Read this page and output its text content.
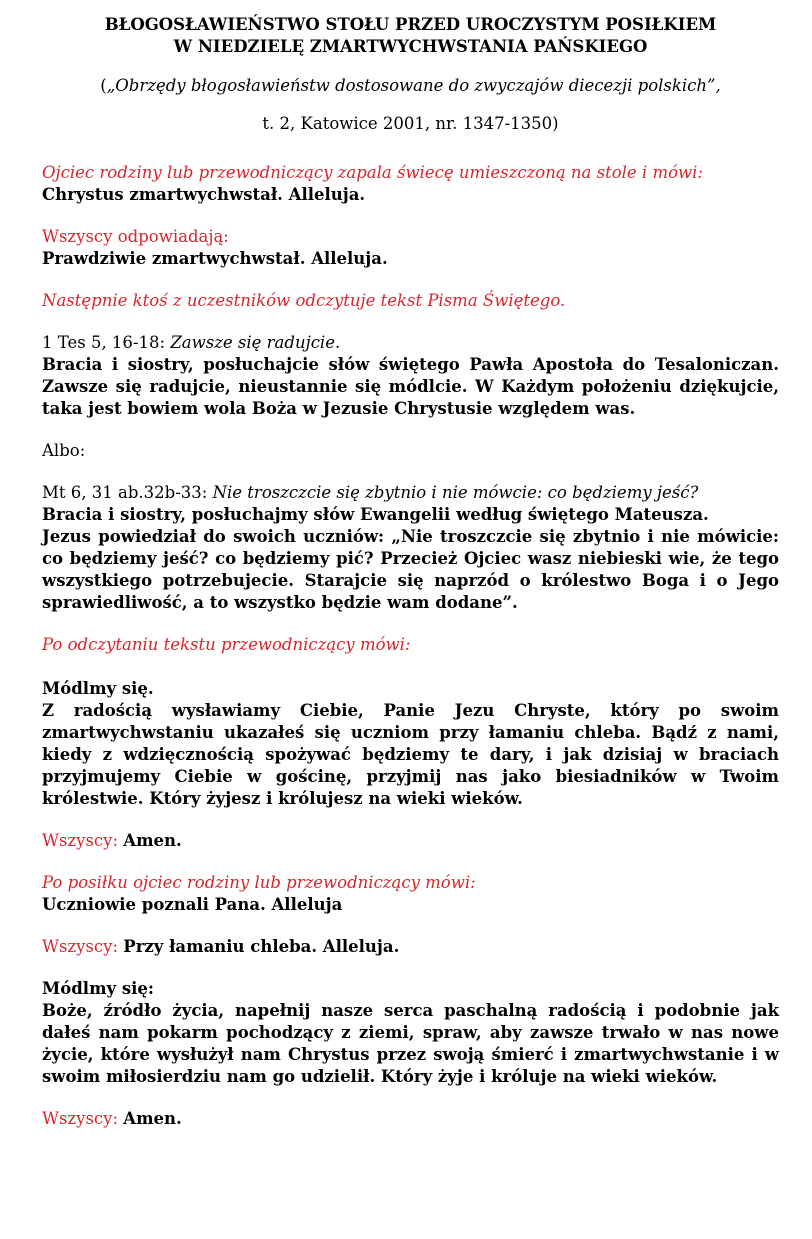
BŁOGOSŁAWIEŃSTWO STOŁU PRZED UROCZYSTYM POSIŁKIEM

W NIEDZIELĘ ZMARTWYCHWSTANIA PAŃSKIEGO

(„Obrzędy błogosławieństw dostosowane do zwyczajów diecezji polskich”,

t. 2, Katowice 2001, nr. 1347-1350)

Ojciec rodziny lub przewodniczący zapala świecę umieszczoną na stole i mówi:

Chrystus zmartwychwstał. Alleluja.

Wszyscy odpowiadają:

Prawdziwie zmartwychwstał. Alleluja.

Następnie ktoś z uczestników odczytuje tekst Pisma Świętego.

1 Tes 5, 16-18: Zawsze się radujcie.

Bracia i siostry, posłuchajcie słów świętego Pawła Apostoła do Tesaloniczan. Zawsze się radujcie, nieustannie się módlcie. W Każdym położeniu dziękujcie, taka jest bowiem wola Boża w Jezusie Chrystusie względem was.

Albo:

Mt 6, 31 ab.32b-33: Nie troszczcie się zbytnio i nie mówcie: co będziemy jeść?

Bracia i siostry, posłuchajmy słów Ewangelii według świętego Mateusza.

Jezus powiedział do swoich uczniów: „Nie troszczcie się zbytnio i nie mówicie: co będziemy jeść? co będziemy pić? Przecież Ojciec wasz niebieski wie, że tego wszystkiego potrzebujecie. Starajcie się naprzód o królestwo Boga i o Jego sprawiedliwość, a to wszystko będzie wam dodane”.

Po odczytaniu tekstu przewodniczący mówi:

Módlmy się.

Z radością wysławiamy Ciebie, Panie Jezu Chryste, który po swoim zmartwychwstaniu ukazałeś się uczniom przy łamaniu chleba. Bądź z nami, kiedy z wdzięcznością spożywać będziemy te dary, i jak dzisiaj w braciach przyjmujemy Ciebie w gościnę, przyjmij nas jako biesiadników w Twoim królestwie. Który żyjesz i królujesz na wieki wieków.

Wszyscy: Amen.

Po posiłku ojciec rodziny lub przewodniczący mówi:

Uczniowie poznali Pana. Alleluja

Wszyscy: Przy łamaniu chleba. Alleluja.

Módlmy się:

Boże, źródło życia, napełnij nasze serca paschalną radością i podobnie jak dałeś nam pokarm pochodzący z ziemi, spraw, aby zawsze trwało w nas nowe życie, które wysłużył nam Chrystus przez swoją śmierć i zmartwychwstanie i w swoim miłosierdziu nam go udzielił. Który żyje i króluje na wieki wieków.

Wszyscy: Amen.
